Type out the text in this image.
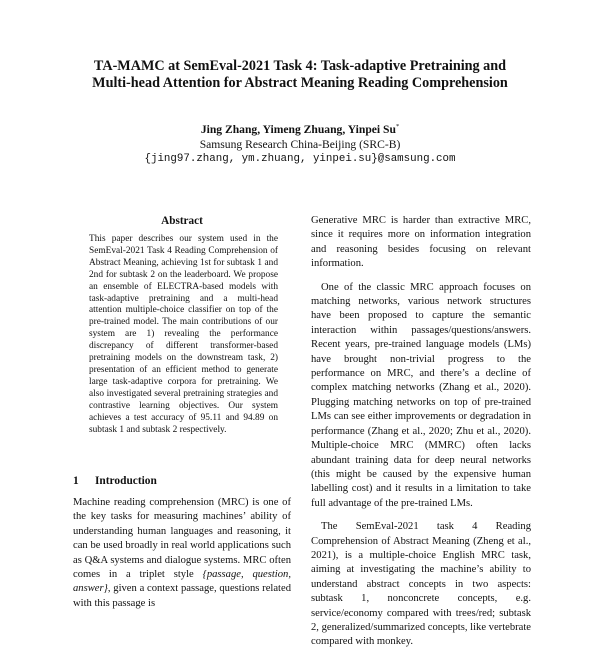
TA-MAMC at SemEval-2021 Task 4: Task-adaptive Pretraining and
Multi-head Attention for Abstract Meaning Reading Comprehension
Jing Zhang, Yimeng Zhuang, Yinpei Su*
Samsung Research China-Beijing (SRC-B)
{jing97.zhang, ym.zhuang, yinpei.su}@samsung.com
Abstract

This paper describes our system used in the SemEval-2021 Task 4 Reading Comprehension of Abstract Meaning, achieving 1st for subtask 1 and 2nd for subtask 2 on the leaderboard. We propose an ensemble of ELECTRA-based models with task-adaptive pretraining and a multi-head attention multiple-choice classifier on top of the pre-trained model. The main contributions of our system are 1) revealing the performance discrepancy of different transformer-based pretraining models on the downstream task, 2) presentation of an efficient method to generate large task-adaptive corpora for pretraining. We also investigated several pretraining strategies and contrastive learning objectives. Our system achieves a test accuracy of 95.11 and 94.89 on subtask 1 and subtask 2 respectively.

1 Introduction

Machine reading comprehension (MRC) is one of the key tasks for measuring machines’ ability of understanding human languages and reasoning, it can be used broadly in real world applications such as Q&A systems and dialogue systems. MRC often comes in a triplet style {passage, question, answer}, given a context passage, questions related with this passage is

Generative MRC is harder than extractive MRC, since it requires more on information integration and reasoning besides focusing on relevant information.

One of the classic MRC approach focuses on matching networks, various network structures have been proposed to capture the semantic interaction within passages/questions/answers. Recent years, pre-trained language models (LMs) have brought non-trivial progress to the performance on MRC, and there’s a decline of complex matching networks (Zhang et al., 2020). Plugging matching networks on top of pre-trained LMs can see either improvements or degradation in performance (Zhang et al., 2020; Zhu et al., 2020). Multiple-choice MRC (MMRC) often lacks abundant training data for deep neural networks (this might be caused by the expensive human labelling cost) and it results in a limitation to take full advantage of the pre-trained LMs.

The SemEval-2021 task 4 Reading Comprehension of Abstract Meaning (Zheng et al., 2021), is a multiple-choice English MRC task, aiming at investigating the machine’s ability to understand abstract concepts in two aspects: subtask 1, nonconcrete concepts, e.g. service/economy compared with trees/red; subtask 2, generalized/summarized concepts, like vertebrate compared with monkey.
